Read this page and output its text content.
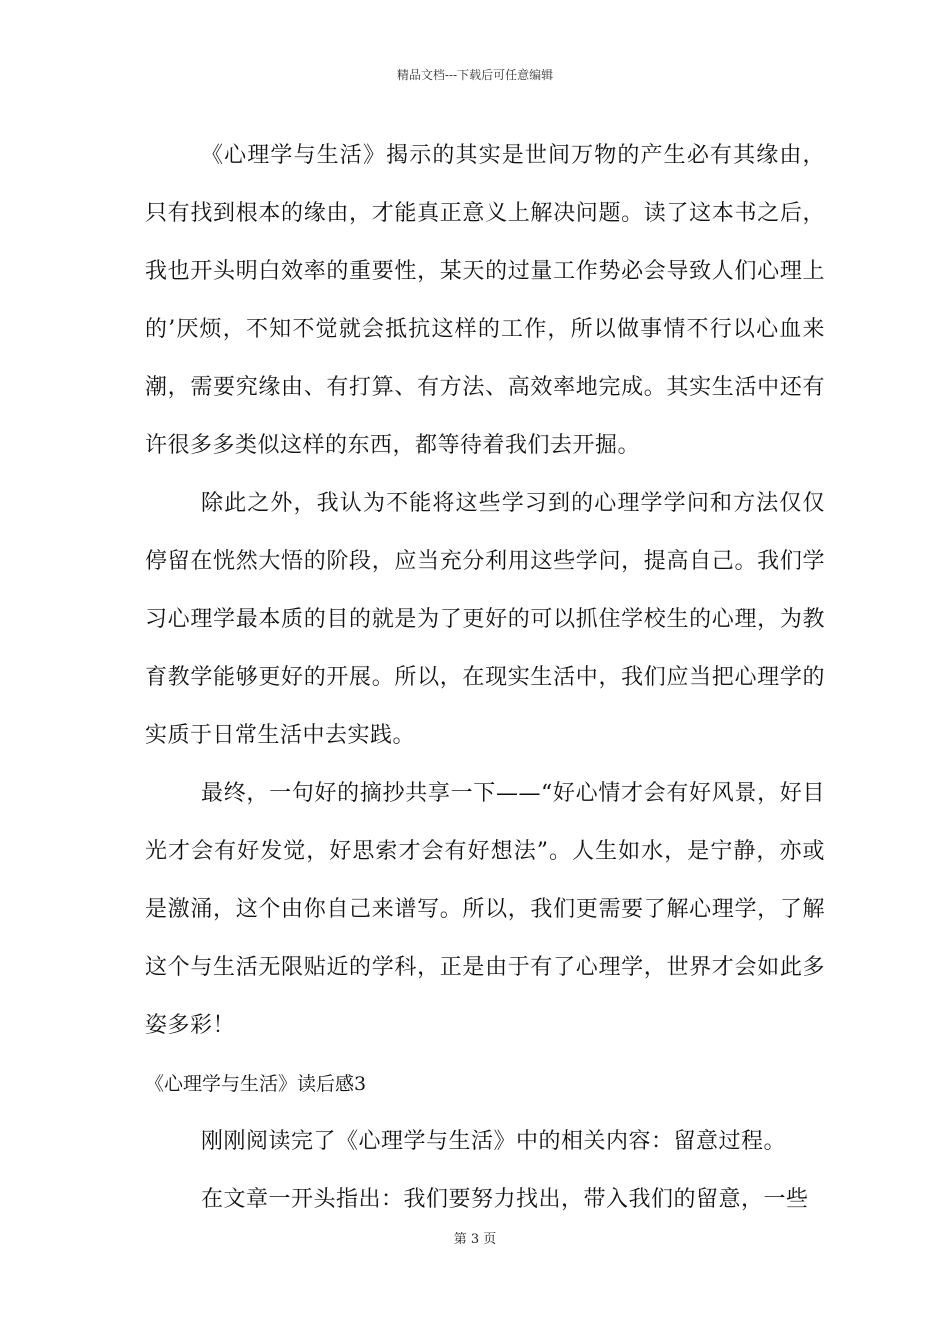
精品文档---下载后可任意编辑

《心理学与生活》揭示的其实是世间万物的产生必有其缘由，只有找到根本的缘由，才能真正意义上解决问题。读了这本书之后，我也开头明白效率的重要性，某天的过量工作势必会导致人们心理上的’厌烦，不知不觉就会抵抗这样的工作，所以做事情不行以心血来潮，需要究缘由、有打算、有方法、高效率地完成。其实生活中还有许很多多类似这样的东西，都等待着我们去开掘。

除此之外，我认为不能将这些学习到的心理学学问和方法仅仅停留在恍然大悟的阶段，应当充分利用这些学问，提高自己。我们学习心理学最本质的目的就是为了更好的可以抓住学校生的心理，为教育教学能够更好的开展。所以，在现实生活中，我们应当把心理学的实质于日常生活中去实践。

最终，一句好的摘抄共享一下——“好心情才会有好风景，好目光才会有好发觉，好思索才会有好想法”。人生如水，是宁静，亦或是激涌，这个由你自己来谱写。所以，我们更需要了解心理学，了解这个与生活无限贴近的学科，正是由于有了心理学，世界才会如此多姿多彩！

《心理学与生活》读后感3

刚刚阅读完了《心理学与生活》中的相关内容：留意过程。

在文章一开头指出：我们要努力找出，带入我们的留意，一些

第 3 页
